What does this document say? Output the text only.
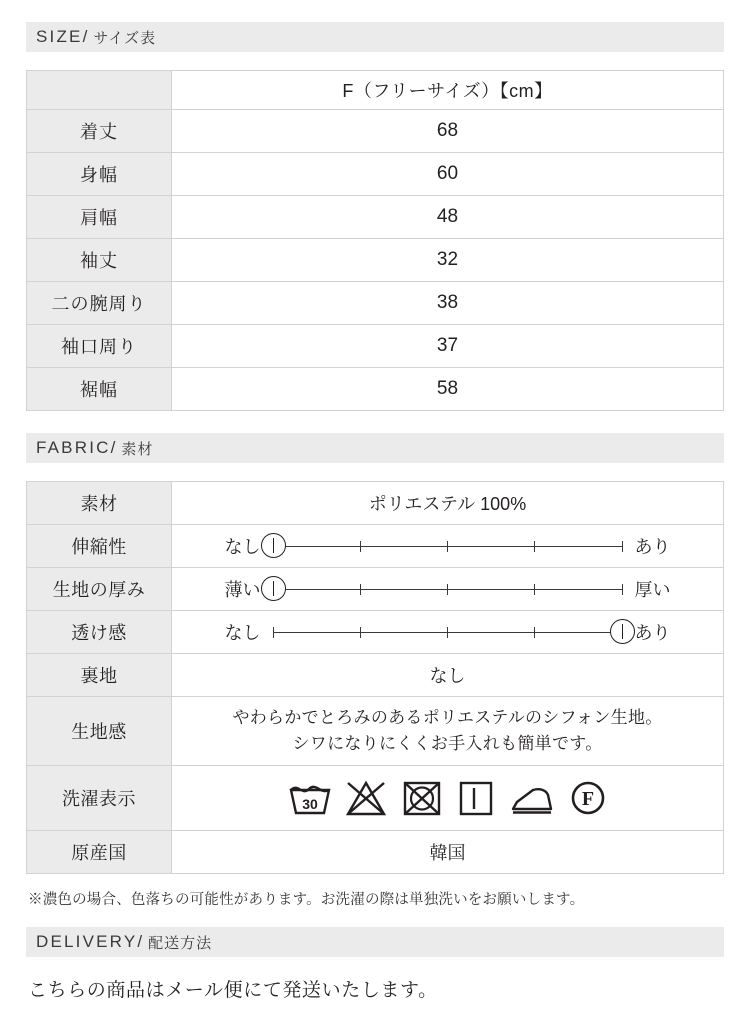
SIZE / サイズ表
	F（フリーサイズ）【cm】
着丈	68
身幅	60
肩幅	48
袖丈	32
二の腕周り	38
袖口周り	37
裾幅	58
FABRIC / 素材
素材	ポリエステル 100%
伸縮性	なし あり

生地の厚み	薄い 厚い

透け感	なし あり

裏地	なし
生地感	やわらかでとろみのあるポリエステルのシフォン生地。
シワになりにくくお手入れも簡単です。

洗濯表示	30 F

原産国	韓国
※濃色の場合、色落ちの可能性があります。お洗濯の際は単独洗いをお願いします。
DELIVERY / 配送方法
こちらの商品はメール便にて発送いたします。
